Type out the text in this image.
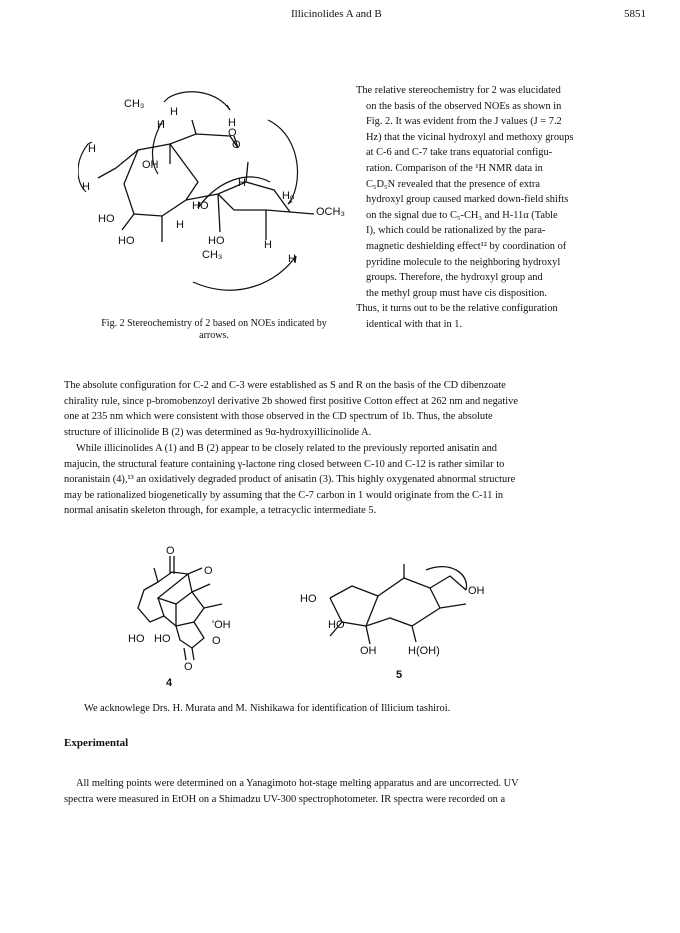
Illicinolides A and B	5851
CH₃
H
H
H
O
O
H
OH
H	H
HO
Hₒ
OCH₃
HO	H
HO	HO	H
CH₃	H
Fig. 2 Stereochemistry of 2 based on NOEs indicated by arrows.
The relative stereochemistry for 2 was elucidated
on the basis of the observed NOEs as shown in
Fig. 2. It was evident from the J values (J = 7.2
Hz) that the vicinal hydroxyl and methoxy groups
at C-6 and C-7 take trans equatorial configu-
ration. Comparison of the ¹H NMR data in
C₅D₅N revealed that the presence of extra
hydroxyl group caused marked down-field shifts
on the signal due to C₅-CH₃ and H-11α (Table
I), which could be rationalized by the para-
magnetic deshielding effect¹² by coordination of
pyridine molecule to the neighboring hydroxyl
groups. Therefore, the hydroxyl group and
the methyl group must have cis disposition.
Thus, it turns out to be the relative configuration
identical with that in 1.
The absolute configuration for C-2 and C-3 were established as S and R on the basis of the CD dibenzoate
chirality rule, since p-bromobenzoyl derivative 2b showed first positive Cotton effect at 262 nm and negative
one at 235 nm which were consistent with those observed in the CD spectrum of 1b. Thus, the absolute
structure of illicinolide B (2) was determined as 9α-hydroxyillicinolide A.
While illicinolides A (1) and B (2) appear to be closely related to the previously reported anisatin and
majucin, the structural feature containing γ-lactone ring closed between C-10 and C-12 is rather similar to
noranistain (4),¹³ an oxidatively degraded product of anisatin (3). This highly oxygenated abnormal structure
may be rationalized biogenetically by assuming that the C-7 carbon in 1 would originate from the C-11 in
normal anisatin skeleton through, for example, a tetracyclic intermediate 5.
O
O
'OH
HO HO	O
O
4
HO
OH
HO
OH	H(OH)
5
We acknowlege Drs. H. Murata and M. Nishikawa for identification of Illicium tashiroi.
Experimental
All melting points were determined on a Yanagimoto hot-stage melting apparatus and are uncorrected. UV
spectra were measured in EtOH on a Shimadzu UV-300 spectrophotometer. IR spectra were recorded on a
